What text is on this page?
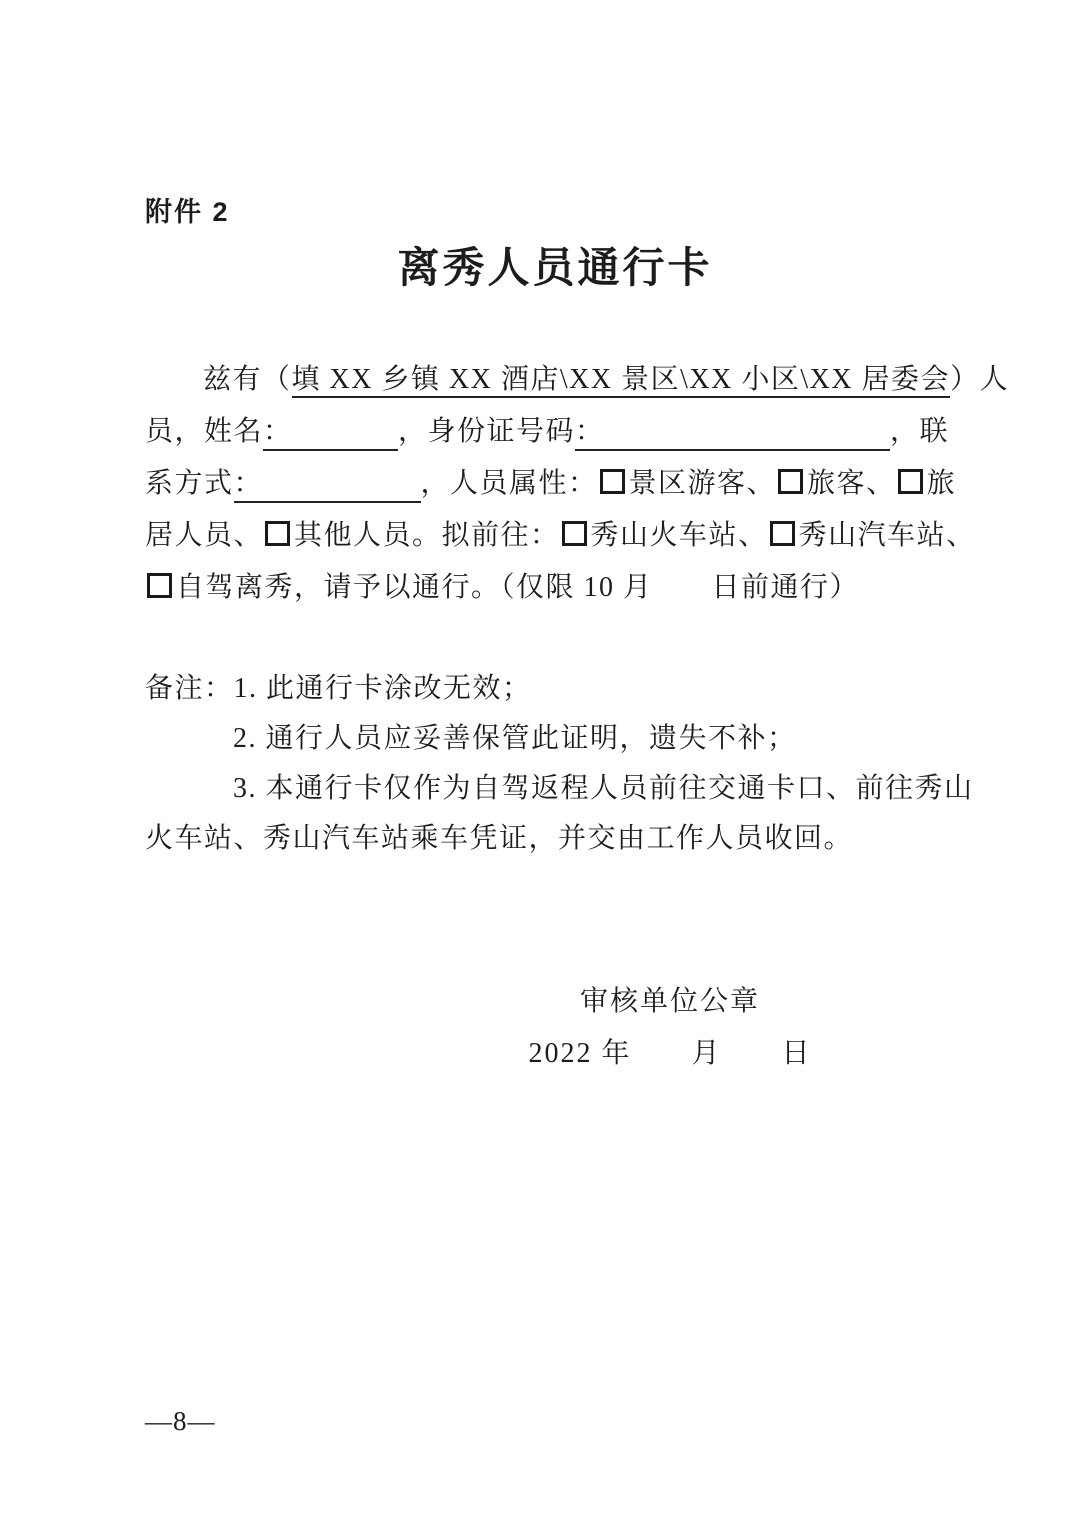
附件 2
离秀人员通行卡
兹有（填 XX 乡镇 XX 酒店\XX 景区\XX 小区\XX 居委会）人
员，姓名：	，身份证号码：	，联
系方式：	，人员属性： 景区游客、 旅客、 旅
居人员、 其他人员。拟前往： 秀山火车站、 秀山汽车站、
自驾离秀，请予以通行。（仅限 10 月　　日前通行）
备注：1. 此通行卡涂改无效；
2. 通行人员应妥善保管此证明，遗失不补；
3. 本通行卡仅作为自驾返程人员前往交通卡口、前往秀山
火车站、秀山汽车站乘车凭证，并交由工作人员收回。
审核单位公章
2022 年　　月　　日
—8—
